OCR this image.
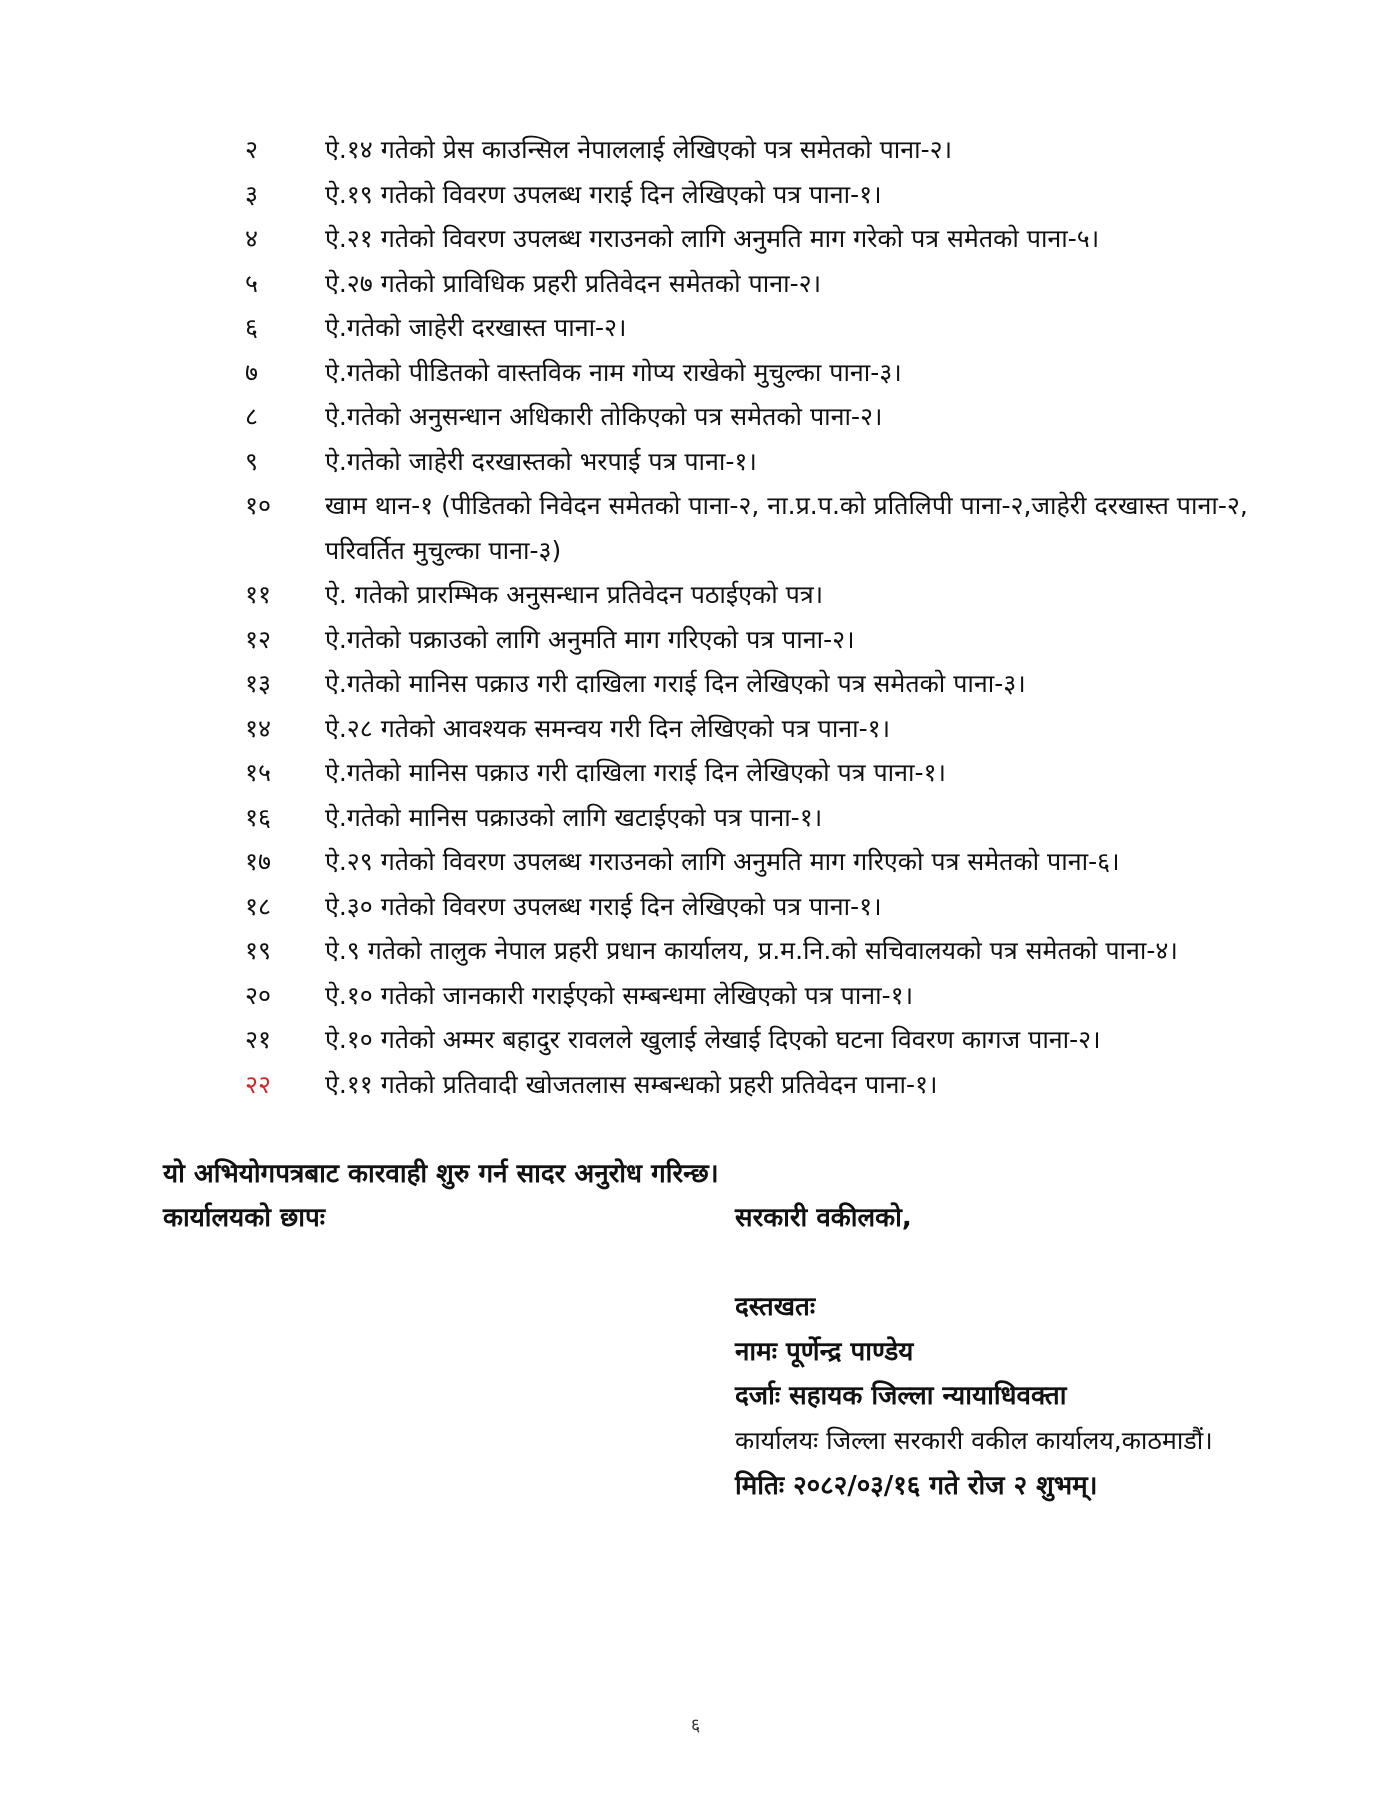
२	ऐ.१४ गतेको प्रेस काउन्सिल नेपाललाई लेखिएको पत्र समेतको पाना-२।
३	ऐ.१९ गतेको विवरण उपलब्ध गराई दिन लेखिएको पत्र पाना-१।
४	ऐ.२१ गतेको विवरण उपलब्ध गराउनको लागि अनुमति माग गरेको पत्र समेतको पाना-५।
५	ऐ.२७ गतेको प्राविधिक प्रहरी प्रतिवेदन समेतको पाना-२।
६	ऐ.गतेको जाहेरी दरखास्त पाना-२।
७	ऐ.गतेको पीडितको वास्तविक नाम गोप्य राखेको मुचुल्का पाना-३।
८	ऐ.गतेको अनुसन्धान अधिकारी तोकिएको पत्र समेतको पाना-२।
९	ऐ.गतेको जाहेरी दरखास्तको भरपाई पत्र पाना-१।
१०	खाम थान-१ (पीडितको निवेदन समेतको पाना-२, ना.प्र.प.को प्रतिलिपी पाना-२,जाहेरी दरखास्त पाना-२, परिवर्तित मुचुल्का पाना-३)
११	ऐ. गतेको प्रारम्भिक अनुसन्धान प्रतिवेदन पठाईएको पत्र।
१२	ऐ.गतेको पक्राउको लागि अनुमति माग गरिएको पत्र पाना-२।
१३	ऐ.गतेको मानिस पक्राउ गरी दाखिला गराई दिन लेखिएको पत्र समेतको पाना-३।
१४	ऐ.२८ गतेको आवश्यक समन्वय गरी दिन लेखिएको पत्र पाना-१।
१५	ऐ.गतेको मानिस पक्राउ गरी दाखिला गराई दिन लेखिएको पत्र पाना-१।
१६	ऐ.गतेको मानिस पक्राउको लागि खटाईएको पत्र पाना-१।
१७	ऐ.२९ गतेको विवरण उपलब्ध गराउनको लागि अनुमति माग गरिएको पत्र समेतको पाना-६।
१८	ऐ.३० गतेको विवरण उपलब्ध गराई दिन लेखिएको पत्र पाना-१।
१९	ऐ.९ गतेको तालुक नेपाल प्रहरी प्रधान कार्यालय, प्र.म.नि.को सचिवालयको पत्र समेतको पाना-४।
२०	ऐ.१० गतेको जानकारी गराईएको सम्बन्धमा लेखिएको पत्र पाना-१।
२१	ऐ.१० गतेको अम्मर बहादुर रावलले खुलाई लेखाई दिएको घटना विवरण कागज पाना-२।
२२	ऐ.११ गतेको प्रतिवादी खोजतलास सम्बन्धको प्रहरी प्रतिवेदन पाना-१।
यो अभियोगपत्रबाट कारवाही शुरु गर्न सादर अनुरोध गरिन्छ।
कार्यालयको छापः	सरकारी वकीलको,
दस्तखतः
नामः पूर्णेन्द्र पाण्डेय
दर्जाः सहायक जिल्ला न्यायाधिवक्ता
कार्यालयः जिल्ला सरकारी वकील कार्यालय,काठमाडौं।
मितिः २०८२/०३/१६ गते रोज २ शुभम्।
६
